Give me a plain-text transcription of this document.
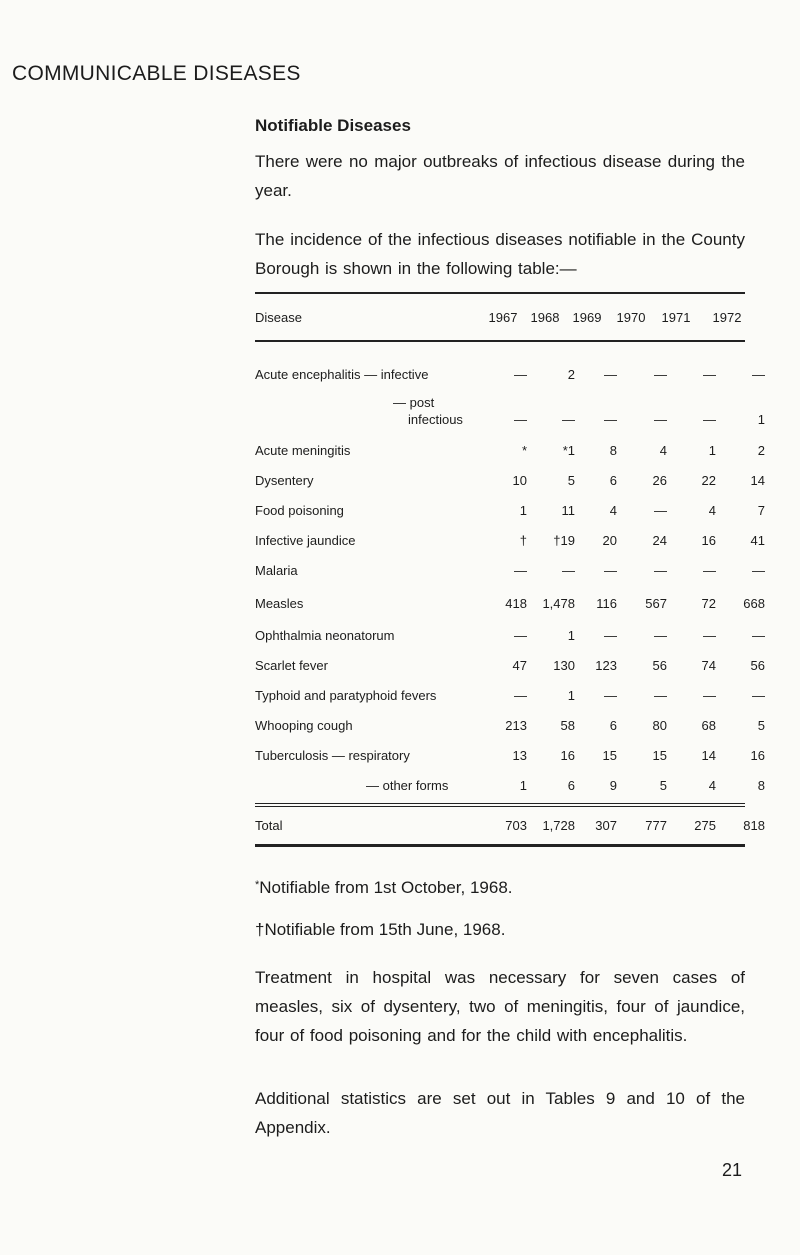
COMMUNICABLE DISEASES
Notifiable Diseases
There were no major outbreaks of infectious disease during the year.
The incidence of the infectious diseases notifiable in the County Borough is shown in the following table:—
Disease	1967	1968	1969	1970	1971	1972
Acute encephalitis — infective	—	2	—	—	—	—
— post
infectious	—	—	—	—	—	1
Acute meningitis	*	*1	8	4	1	2
Dysentery	10	5	6	26	22	14
Food poisoning	1	11	4	—	4	7
Infective jaundice	†	†19	20	24	16	41
Malaria	—	—	—	—	—	—
Measles	418	1,478	116	567	72	668
Ophthalmia neonatorum	—	1	—	—	—	—
Scarlet fever	47	130	123	56	74	56
Typhoid and paratyphoid fevers	—	1	—	—	—	—
Whooping cough	213	58	6	80	68	5
Tuberculosis — respiratory	13	16	15	15	14	16
— other forms	1	6	9	5	4	8
Total	703	1,728	307	777	275	818
*Notifiable from 1st October, 1968.
†Notifiable from 15th June, 1968.
Treatment in hospital was necessary for seven cases of measles, six of dysentery, two of meningitis, four of jaundice, four of food poisoning and for the child with encephalitis.
Additional statistics are set out in Tables 9 and 10 of the Appendix.
21
